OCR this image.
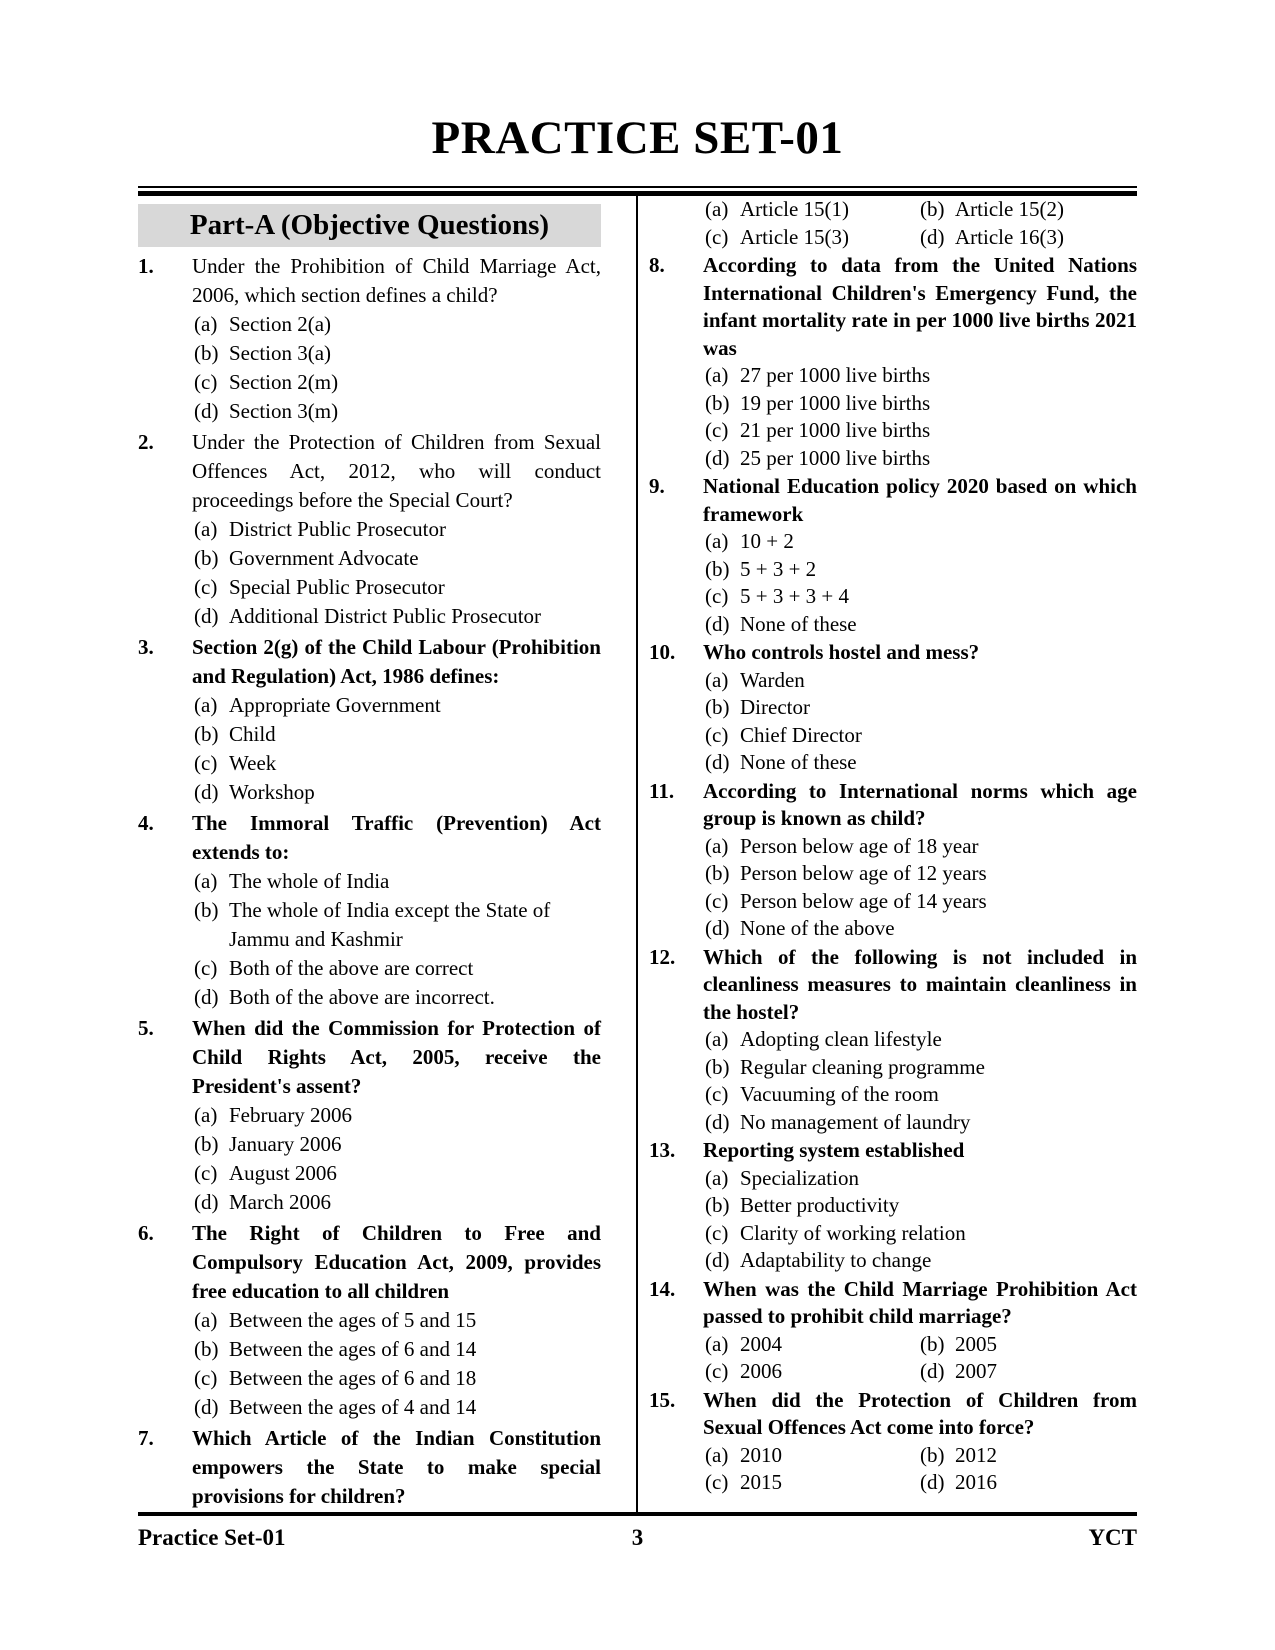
PRACTICE SET-01
Part-A (Objective Questions)
1.	Under the Prohibition of Child Marriage Act, 2006, which section defines a child?
(a) Section 2(a)
(b) Section 3(a)
(c) Section 2(m)
(d) Section 3(m)
2.	Under the Protection of Children from Sexual Offences Act, 2012, who will conduct proceedings before the Special Court?
(a) District Public Prosecutor
(b) Government Advocate
(c) Special Public Prosecutor
(d) Additional District Public Prosecutor
3.	Section 2(g) of the Child Labour (Prohibition and Regulation) Act, 1986 defines:
(a) Appropriate Government
(b) Child
(c) Week
(d) Workshop
4.	The Immoral Traffic (Prevention) Act extends to:
(a) The whole of India
(b) The whole of India except the State of Jammu and Kashmir
(c) Both of the above are correct
(d) Both of the above are incorrect.
5.	When did the Commission for Protection of Child Rights Act, 2005, receive the President's assent?
(a) February 2006
(b) January 2006
(c) August 2006
(d) March 2006
6.	The Right of Children to Free and Compulsory Education Act, 2009, provides free education to all children
(a) Between the ages of 5 and 15
(b) Between the ages of 6 and 14
(c) Between the ages of 6 and 18
(d) Between the ages of 4 and 14
7.	Which Article of the Indian Constitution empowers the State to make special provisions for children?
(a) Article 15(1)	(b) Article 15(2)
(c) Article 15(3)	(d) Article 16(3)
8.	According to data from the United Nations International Children's Emergency Fund, the infant mortality rate in per 1000 live births 2021 was
(a) 27 per 1000 live births
(b) 19 per 1000 live births
(c) 21 per 1000 live births
(d) 25 per 1000 live births
9.	National Education policy 2020 based on which framework
(a) 10 + 2
(b) 5 + 3 + 2
(c) 5 + 3 + 3 + 4
(d) None of these
10.	Who controls hostel and mess?
(a) Warden
(b) Director
(c) Chief Director
(d) None of these
11.	According to International norms which age group is known as child?
(a) Person below age of 18 year
(b) Person below age of 12 years
(c) Person below age of 14 years
(d) None of the above
12.	Which of the following is not included in cleanliness measures to maintain cleanliness in the hostel?
(a) Adopting clean lifestyle
(b) Regular cleaning programme
(c) Vacuuming of the room
(d) No management of laundry
13.	Reporting system established
(a) Specialization
(b) Better productivity
(c) Clarity of working relation
(d) Adaptability to change
14.	When was the Child Marriage Prohibition Act passed to prohibit child marriage?
(a) 2004	(b) 2005
(c) 2006	(d) 2007
15.	When did the Protection of Children from Sexual Offences Act come into force?
(a) 2010	(b) 2012
(c) 2015	(d) 2016
Practice Set-01	3	YCT
